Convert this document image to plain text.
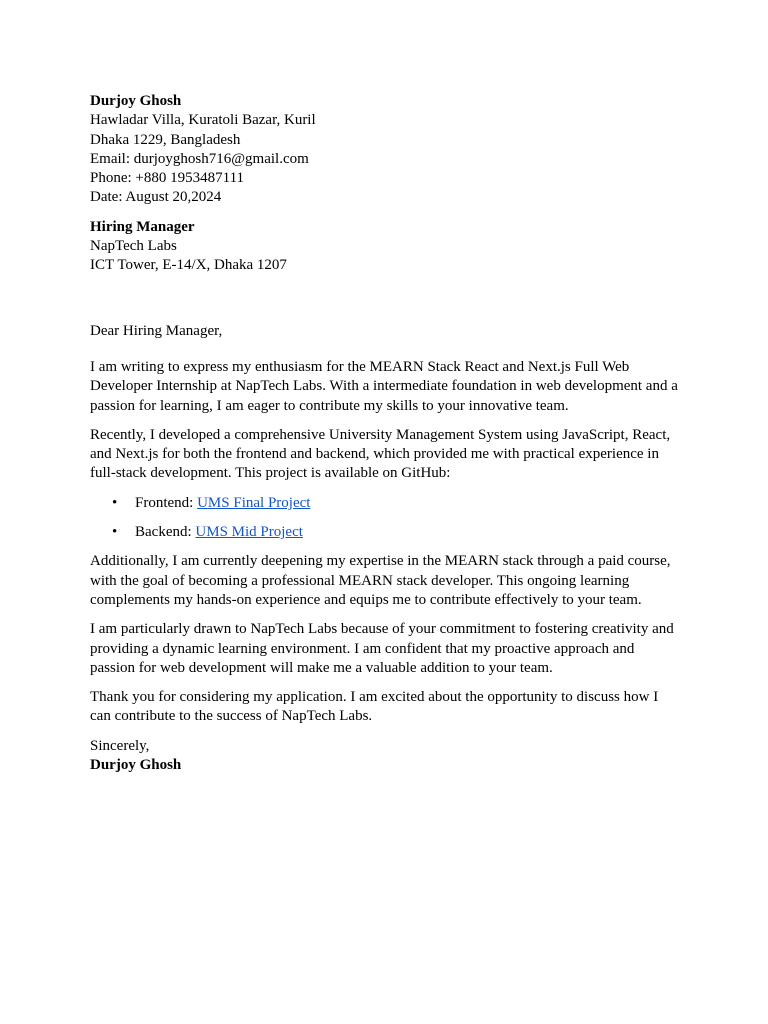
Durjoy Ghosh
Hawladar Villa, Kuratoli Bazar, Kuril
Dhaka 1229, Bangladesh
Email: durjoyghosh716@gmail.com
Phone: +880 1953487111
Date: August 20,2024
Hiring Manager
NapTech Labs
ICT Tower, E-14/X, Dhaka 1207
Dear Hiring Manager,

I am writing to express my enthusiasm for the MEARN Stack React and Next.js Full Web Developer Internship at NapTech Labs. With a intermediate foundation in web development and a passion for learning, I am eager to contribute my skills to your innovative team.

Recently, I developed a comprehensive University Management System using JavaScript, React, and Next.js for both the frontend and backend, which provided me with practical experience in full-stack development. This project is available on GitHub:

• Frontend: UMS Final Project
• Backend: UMS Mid Project

Additionally, I am currently deepening my expertise in the MEARN stack through a paid course, with the goal of becoming a professional MEARN stack developer. This ongoing learning complements my hands-on experience and equips me to contribute effectively to your team.

I am particularly drawn to NapTech Labs because of your commitment to fostering creativity and providing a dynamic learning environment. I am confident that my proactive approach and passion for web development will make me a valuable addition to your team.

Thank you for considering my application. I am excited about the opportunity to discuss how I can contribute to the success of NapTech Labs.

Sincerely,
Durjoy Ghosh
